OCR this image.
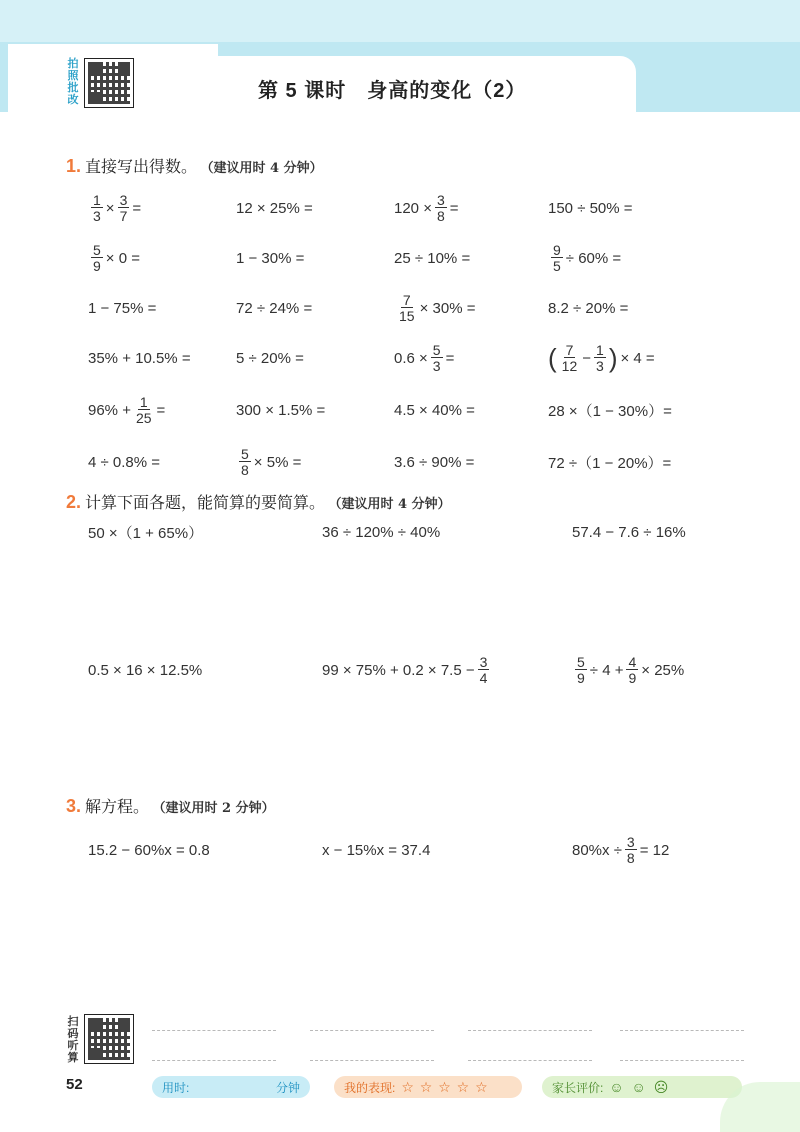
拍照批改	第 5 课时　身高的变化（2）
1. 直接写出得数。 （建议用时 4 分钟）
$\frac{1}{3} \times \frac{3}{7}$ =	12 × 25% =	$120 \times \frac{3}{8}$ =	150 ÷ 50% =
$\frac{5}{9} \times 0$ =	1 − 30% =	25 ÷ 10% =	$\frac{9}{5} \div 60\%$ =
1 − 75% =	72 ÷ 24% =	$\frac{7}{15} \times 30\%$ =	8.2 ÷ 20% =
35% + 10.5% =	5 ÷ 20% =	$0.6 \times \frac{5}{3}$ =	( $\frac{7}{12} - \frac{1}{3}$ ) × 4 =
$96\% + \frac{1}{25}$ =	300 × 1.5% =	4.5 × 40% =	28 ×（1 − 30%）=
4 ÷ 0.8% =	$\frac{5}{8} \times 5\%$ =	3.6 ÷ 90% =	72 ÷（1 − 20%）=
2. 计算下面各题，能简算的要简算。 （建议用时 4 分钟）
50 ×（1 + 65%）	36 ÷ 120% ÷ 40%	57.4 − 7.6 ÷ 16%
0.5 × 16 × 12.5%	$99 \times 75\% + 0.2 \times 7.5 - \frac{3}{4}$	$\frac{5}{9} \div 4 + \frac{4}{9} \times 25\%$
3. 解方程。 （建议用时 2 分钟）
15.2 − 60%x = 0.8	x − 15%x = 37.4	$80\%x \div \frac{3}{8} = 12$
扫码听算
52	用时:	分钟	我的表现: ☆ ☆ ☆ ☆ ☆	家长评价: ☺ ☺ ☹
